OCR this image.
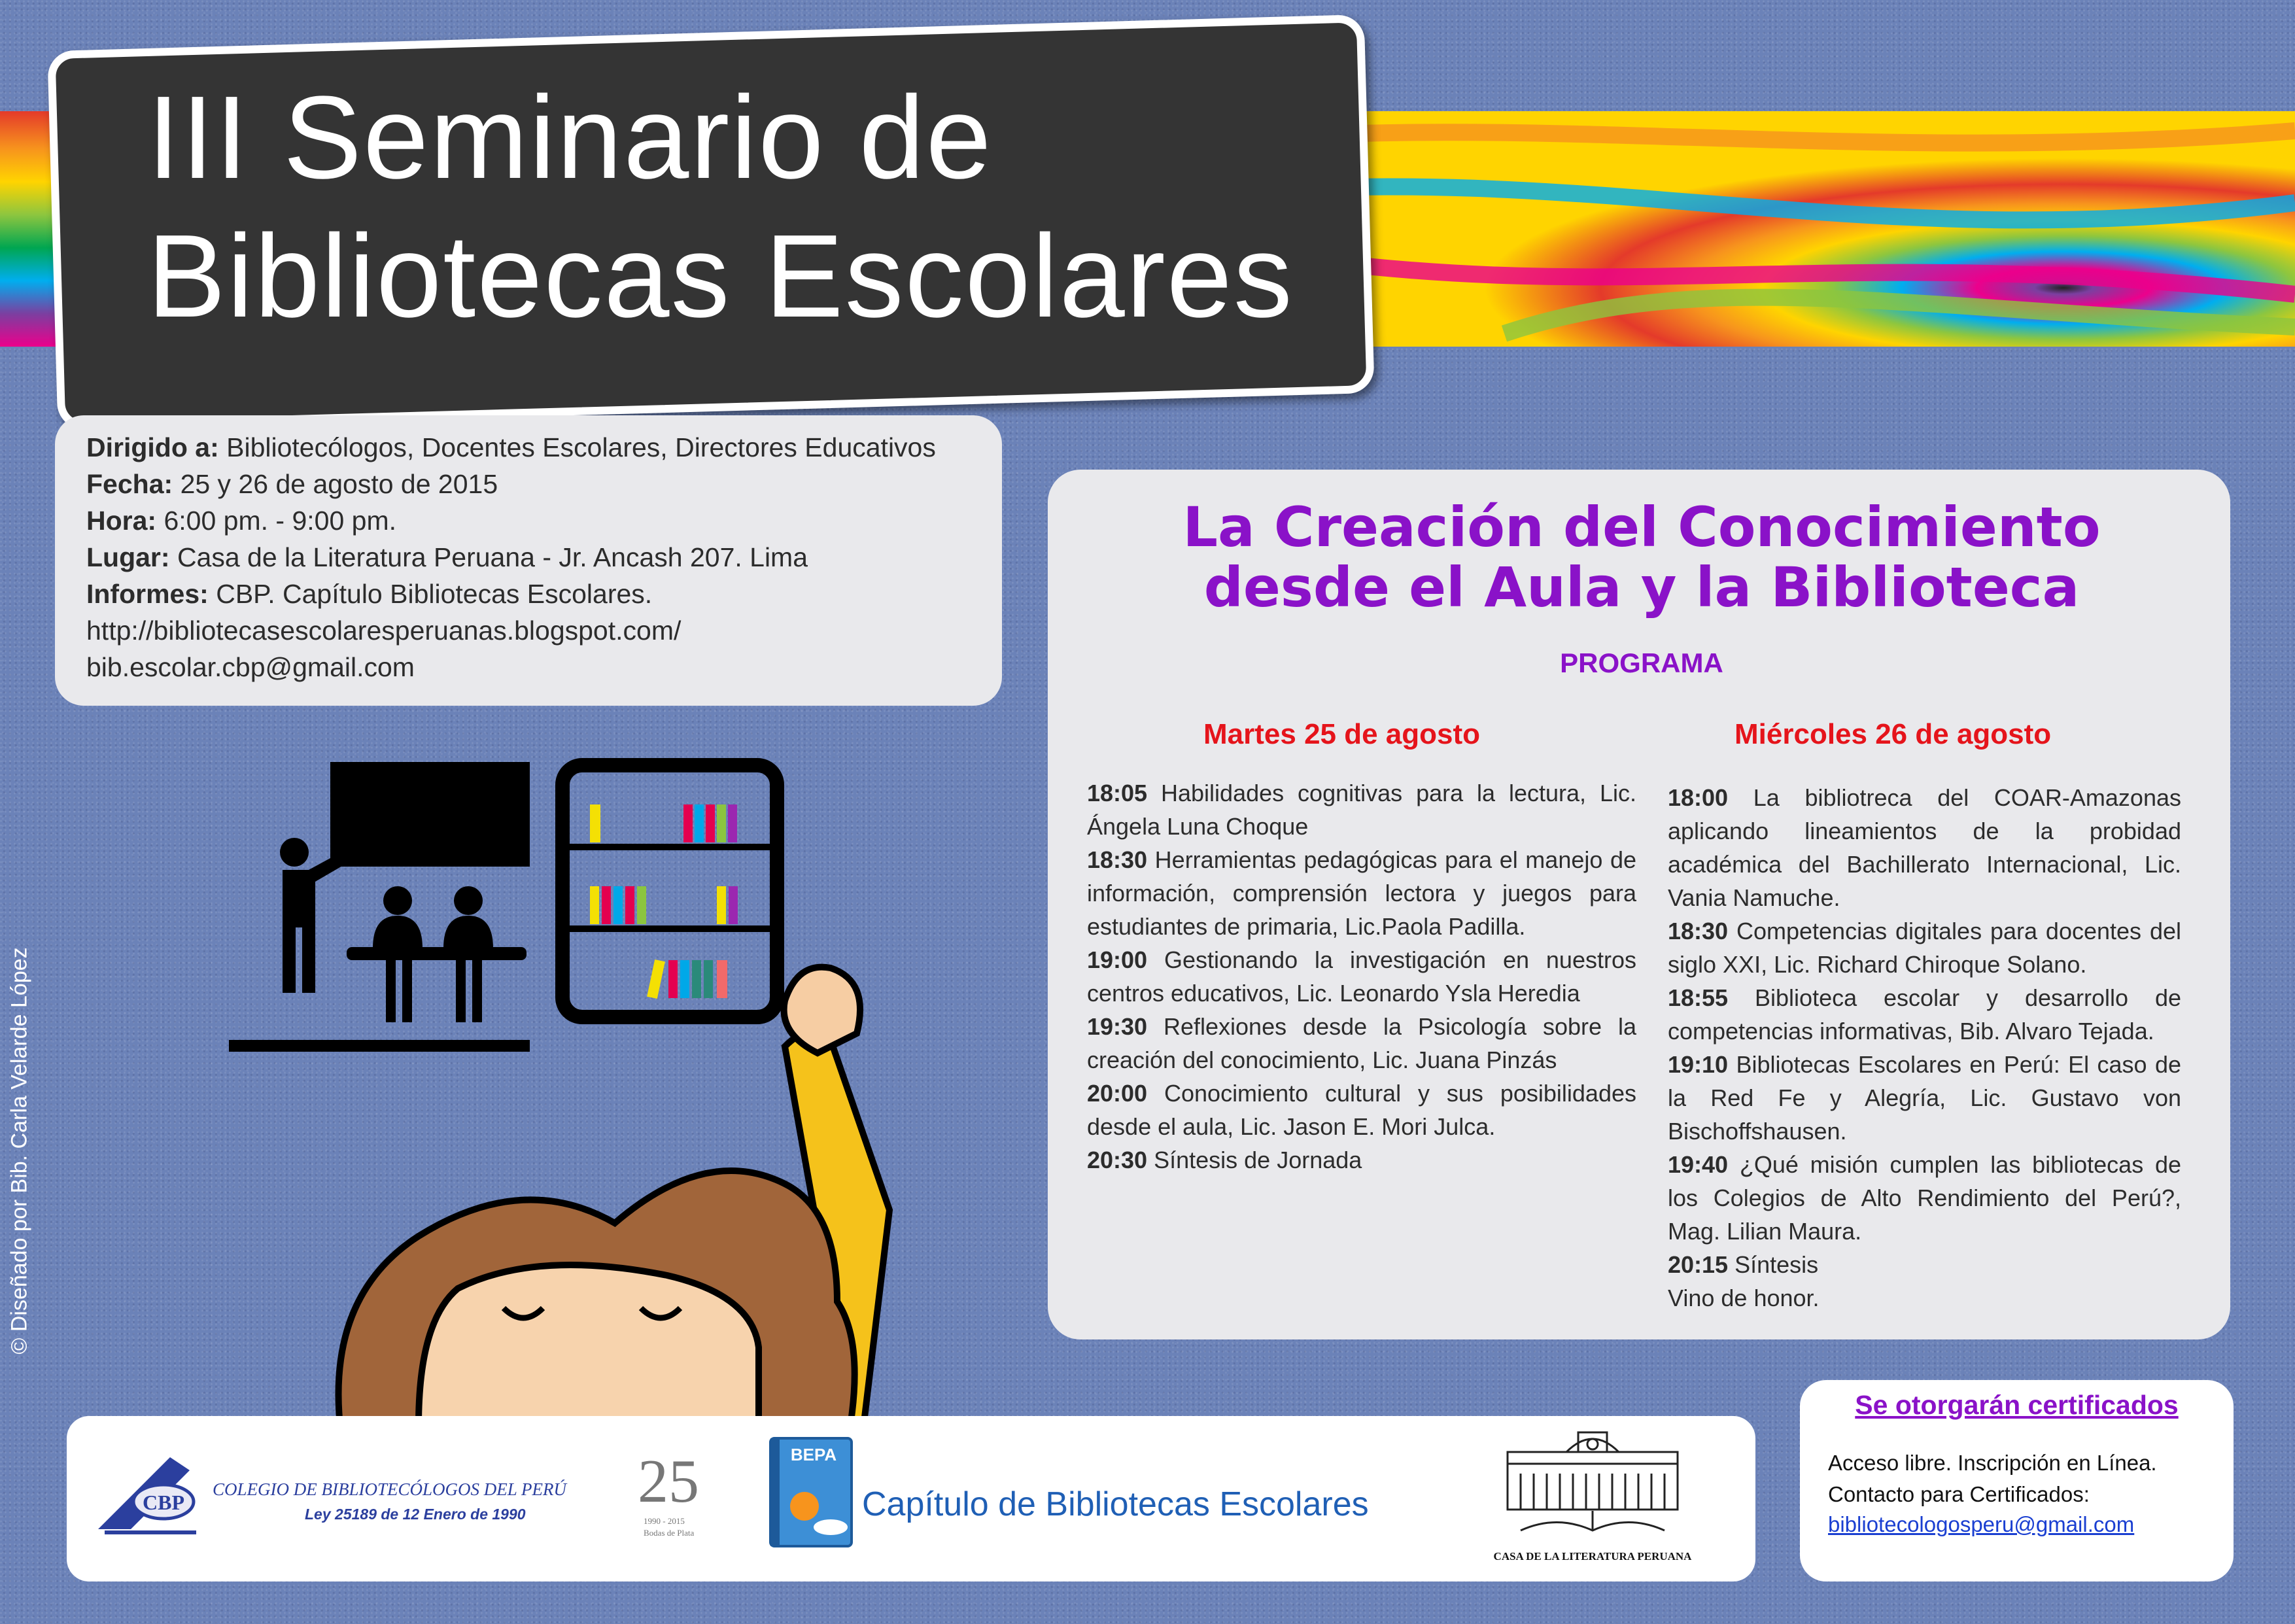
III Seminario de
Bibliotecas Escolares
Dirigido a: Bibliotecólogos, Docentes Escolares, Directores Educativos
Fecha: 25 y 26 de agosto de 2015
Hora: 6:00 pm. - 9:00 pm.
Lugar: Casa de la Literatura Peruana - Jr. Ancash 207. Lima
Informes: CBP. Capítulo Bibliotecas Escolares.
http://bibliotecasescolaresperuanas.blogspot.com/
bib.escolar.cbp@gmail.com
La Creación del Conocimiento
desde el Aula y la Biblioteca
PROGRAMA
Martes 25 de agosto	Miércoles 26 de agosto

18:05 Habilidades cognitivas para la lectura, Lic. Ángela Luna Choque

18:30 Herramientas pedagógicas para el manejo de información, comprensión lectora y juegos para estudiantes de primaria, Lic.Paola Padilla.

19:00 Gestionando la investigación en nuestros centros educativos, Lic. Leonardo Ysla Heredia

19:30 Reflexiones desde la Psicología sobre la creación del conocimiento, Lic. Juana Pinzás

20:00 Conocimiento cultural y sus posibilidades desde el aula, Lic. Jason E. Mori Julca.

20:30 Síntesis de Jornada

18:00 La bibliotreca del COAR-Amazonas aplicando lineamientos de la probidad académica del Bachillerato Internacional, Lic. Vania Namuche.

18:30 Competencias digitales para docentes del siglo XXI, Lic. Richard Chiroque Solano.

18:55 Biblioteca escolar y desarrollo de competencias informativas, Bib. Alvaro Tejada.

19:10 Bibliotecas Escolares en Perú: El caso de la Red Fe y Alegría, Lic. Gustavo von Bischoffshausen.

19:40 ¿Qué misión cumplen las bibliotecas de los Colegios de Alto Rendimiento del Perú?, Mag. Lilian Maura.

20:15 Síntesis

Vino de honor.

CBP
COLEGIO DE BIBLIOTECÓLOGOS DEL PERÚ
Ley 25189 de 12 Enero de 1990 25
1990 - 2015
Bodas de Plata
BEPA
Capítulo de Bibliotecas Escolares
CASA DE LA LITERATURA PERUANA
Se otorgarán certificados
Acceso libre. Inscripción en Línea.
Contacto para Certificados:
bibliotecologosperu@gmail.com
© Diseñado por Bib. Carla Velarde López
